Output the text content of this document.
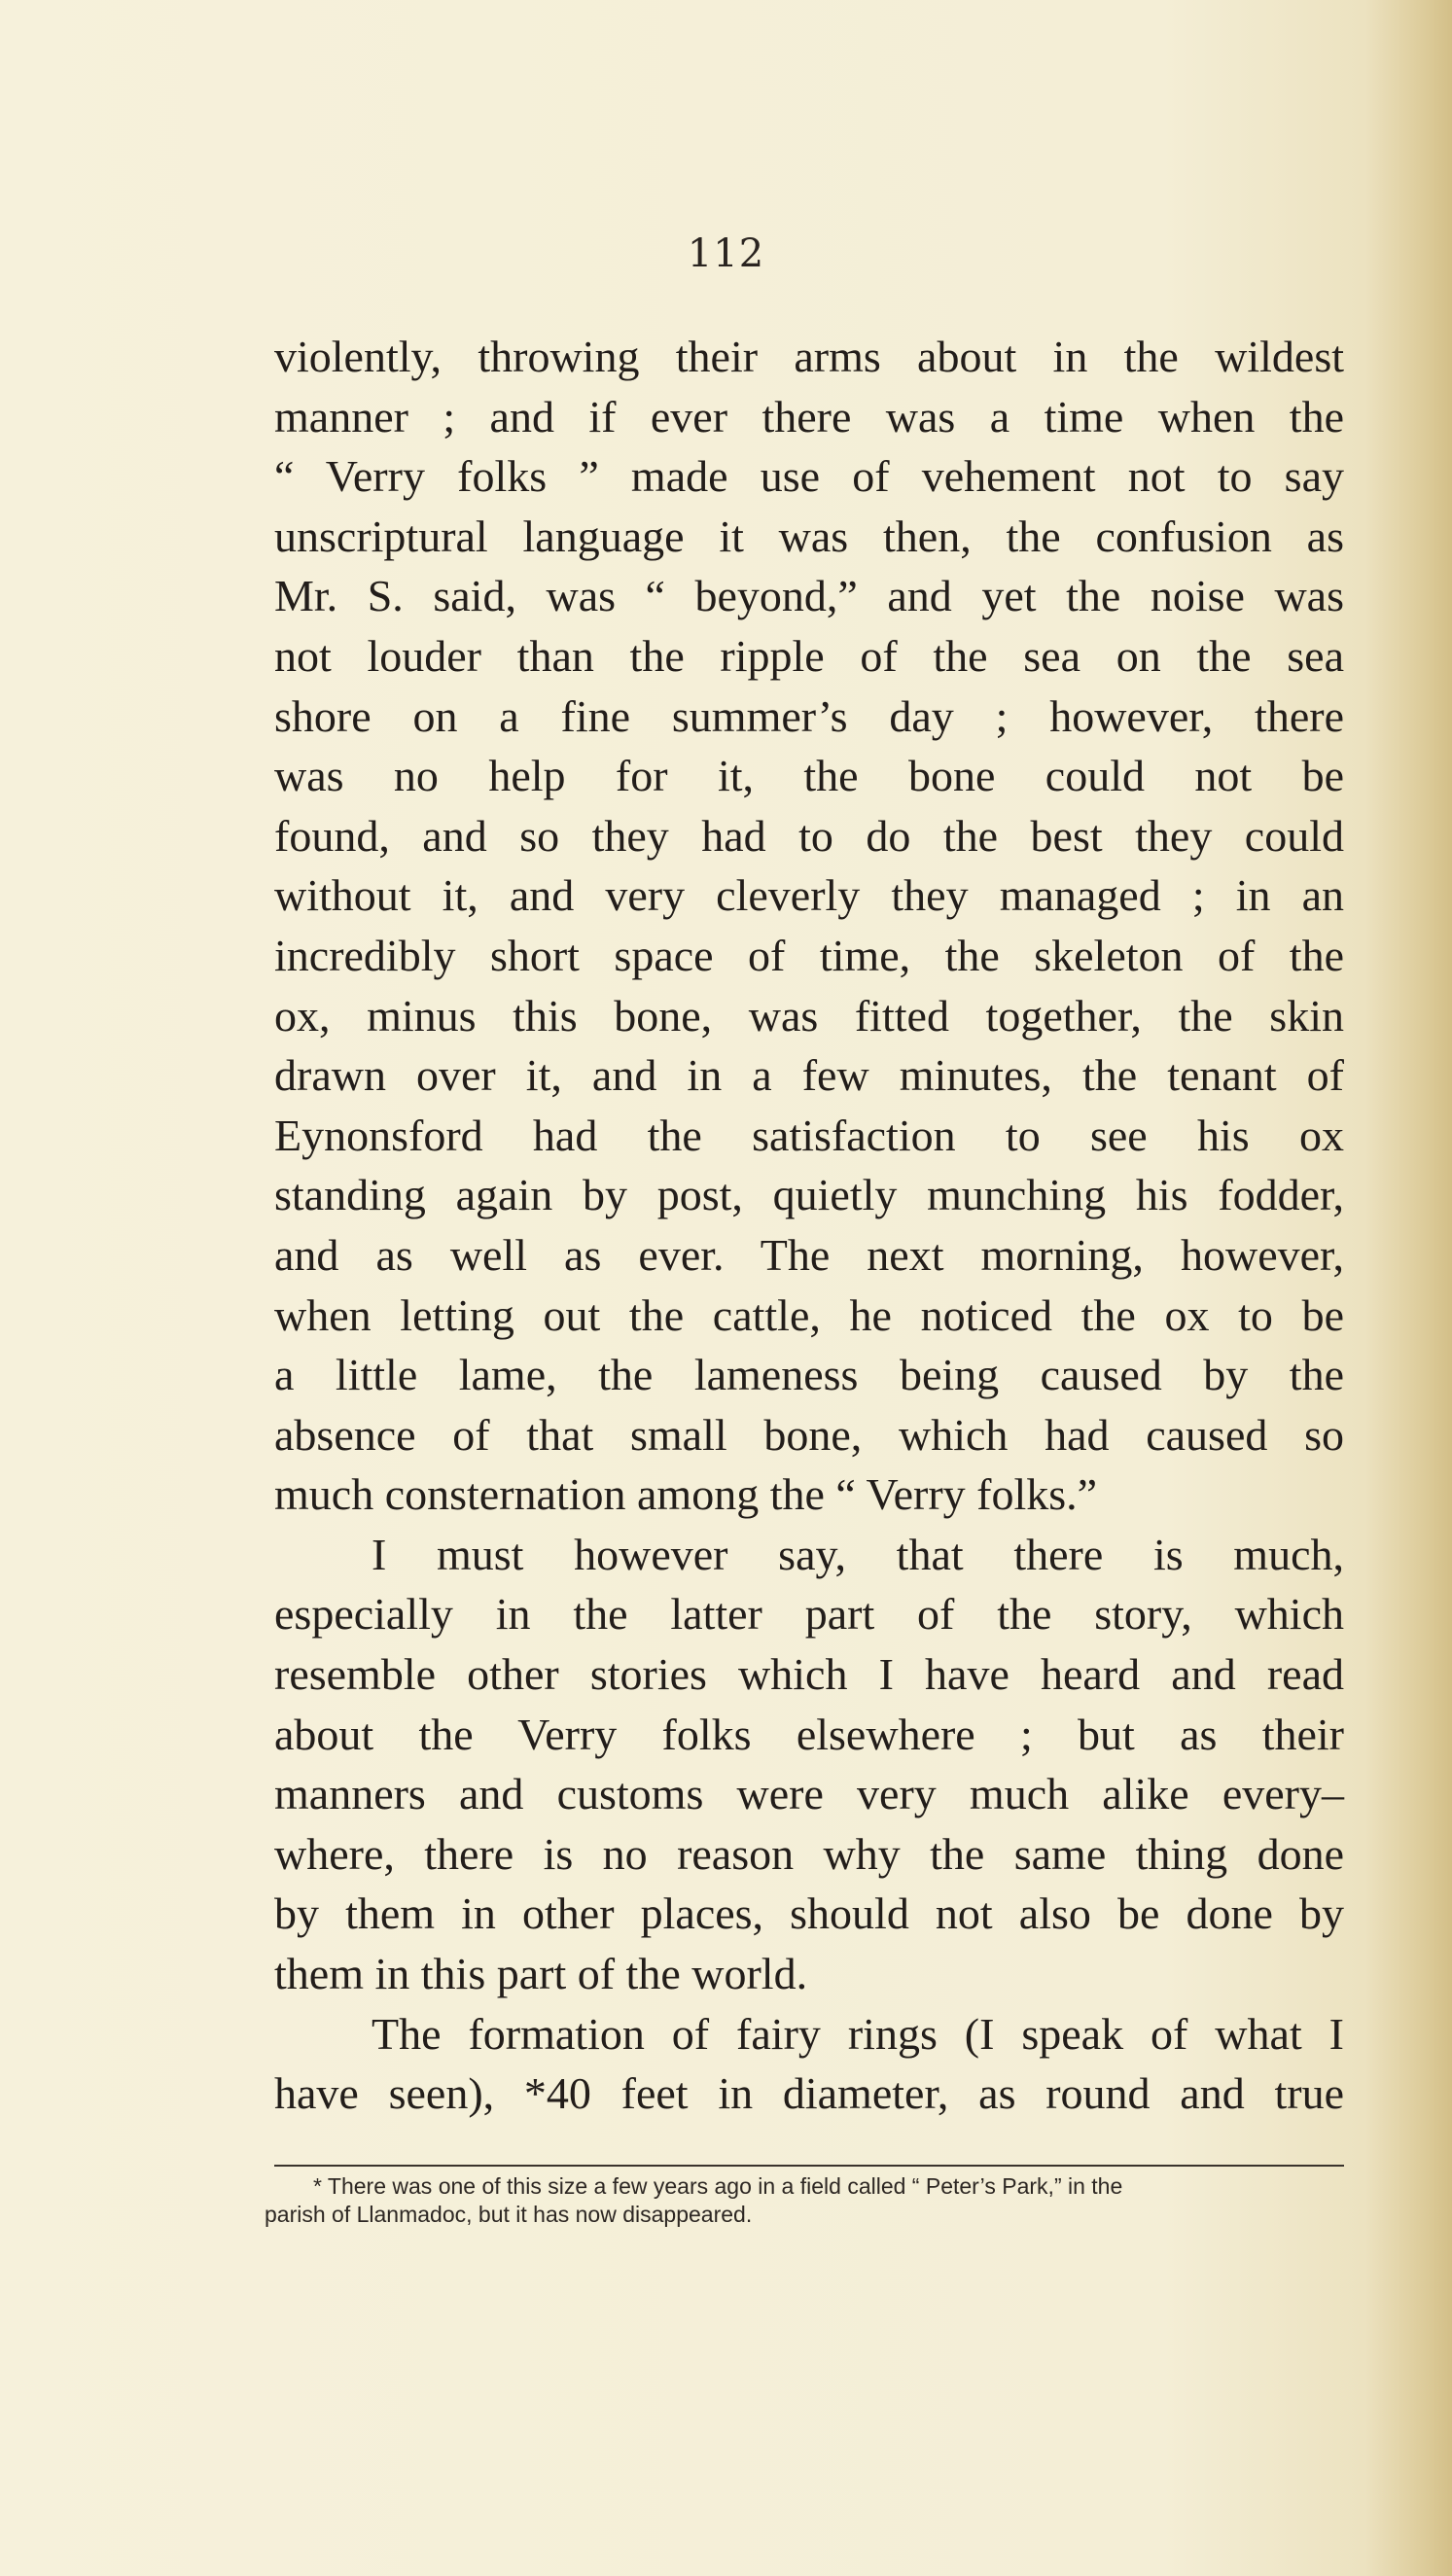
112
violently, throwing their arms about in the wildest
manner ; and if ever there was a time when the
“ Verry folks ” made use of vehement not to say
unscriptural language it was then, the confusion as
Mr. S. said, was “ beyond,” and yet the noise was
not louder than the ripple of the sea on the sea
shore on a fine summer’s day ; however, there
was no help for it, the bone could not be
found, and so they had to do the best they could
without it, and very cleverly they managed ; in an
incredibly short space of time, the skeleton of the
ox, minus this bone, was fitted together, the skin
drawn over it, and in a few minutes, the tenant of
Eynonsford had the satisfaction to see his ox
standing again by post, quietly munching his fodder,
and as well as ever. The next morning, however,
when letting out the cattle, he noticed the ox to be
a little lame, the lameness being caused by the
absence of that small bone, which had caused so
much consternation among the “ Verry folks.”
I must however say, that there is much,
especially in the latter part of the story, which
resemble other stories which I have heard and read
about the Verry folks elsewhere ; but as their
manners and customs were very much alike every–
where, there is no reason why the same thing done
by them in other places, should not also be done by
them in this part of the world.
The formation of fairy rings (I speak of what I
have seen), *40 feet in diameter, as round and true
* There was one of this size a few years ago in a field called “ Peter’s Park,” in the
parish of Llanmadoc, but it has now disappeared.
